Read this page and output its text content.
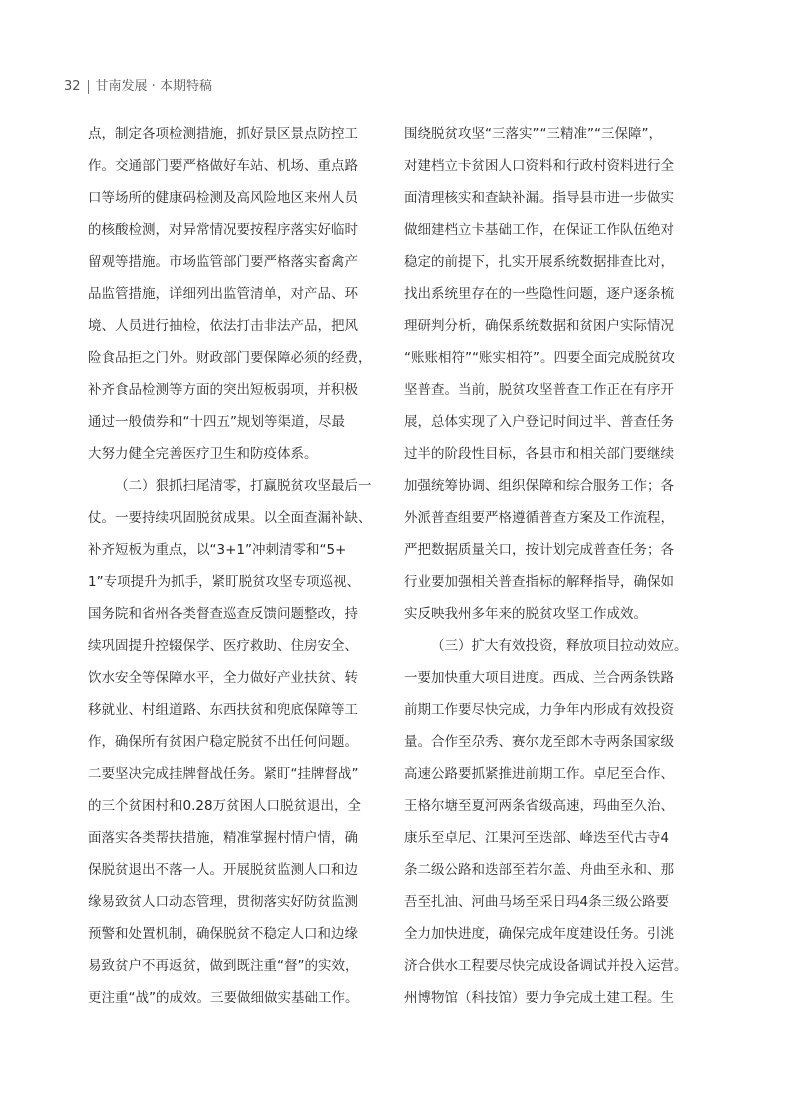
32 甘南发展 · 本期特稿
点，制定各项检测措施，抓好景区景点防控工
作。交通部门要严格做好车站、机场、重点路
口等场所的健康码检测及高风险地区来州人员
的核酸检测，对异常情况要按程序落实好临时
留观等措施。市场监管部门要严格落实畜禽产
品监管措施，详细列出监管清单，对产品、环
境、人员进行抽检，依法打击非法产品，把风
险食品拒之门外。财政部门要保障必须的经费，
补齐食品检测等方面的突出短板弱项，并积极
通过一般债券和“十四五”规划等渠道，尽最
大努力健全完善医疗卫生和防疫体系。
（二）狠抓扫尾清零，打赢脱贫攻坚最后一
仗。一要持续巩固脱贫成果。以全面查漏补缺、
补齐短板为重点，以“3+1”冲刺清零和“5+
1”专项提升为抓手，紧盯脱贫攻坚专项巡视、
国务院和省州各类督查巡查反馈问题整改，持
续巩固提升控辍保学、医疗救助、住房安全、
饮水安全等保障水平，全力做好产业扶贫、转
移就业、村组道路、东西扶贫和兜底保障等工
作，确保所有贫困户稳定脱贫不出任何问题。
二要坚决完成挂牌督战任务。紧盯“挂牌督战”
的三个贫困村和0.28万贫困人口脱贫退出，全
面落实各类帮扶措施，精准掌握村情户情，确
保脱贫退出不落一人。开展脱贫监测人口和边
缘易致贫人口动态管理，贯彻落实好防贫监测
预警和处置机制，确保脱贫不稳定人口和边缘
易致贫户不再返贫，做到既注重“督”的实效，
更注重“战”的成效。三要做细做实基础工作。
围绕脱贫攻坚“三落实”“三精准”“三保障”，
对建档立卡贫困人口资料和行政村资料进行全
面清理核实和查缺补漏。指导县市进一步做实
做细建档立卡基础工作，在保证工作队伍绝对
稳定的前提下，扎实开展系统数据排查比对，
找出系统里存在的一些隐性问题，逐户逐条梳
理研判分析，确保系统数据和贫困户实际情况
“账账相符”“账实相符”。四要全面完成脱贫攻
坚普查。当前，脱贫攻坚普查工作正在有序开
展，总体实现了入户登记时间过半、普查任务
过半的阶段性目标，各县市和相关部门要继续
加强统筹协调、组织保障和综合服务工作；各
外派普查组要严格遵循普查方案及工作流程，
严把数据质量关口，按计划完成普查任务；各
行业要加强相关普查指标的解释指导，确保如
实反映我州多年来的脱贫攻坚工作成效。
（三）扩大有效投资，释放项目拉动效应。
一要加快重大项目进度。西成、兰合两条铁路
前期工作要尽快完成，力争年内形成有效投资
量。合作至尕秀、赛尔龙至郎木寺两条国家级
高速公路要抓紧推进前期工作。卓尼至合作、
王格尔塘至夏河两条省级高速，玛曲至久治、
康乐至卓尼、江果河至迭部、峰迭至代古寺4
条二级公路和迭部至若尔盖、舟曲至永和、那
吾至扎油、河曲马场至采日玛4条三级公路要
全力加快进度，确保完成年度建设任务。引洮
济合供水工程要尽快完成设备调试并投入运营。
州博物馆（科技馆）要力争完成土建工程。生
